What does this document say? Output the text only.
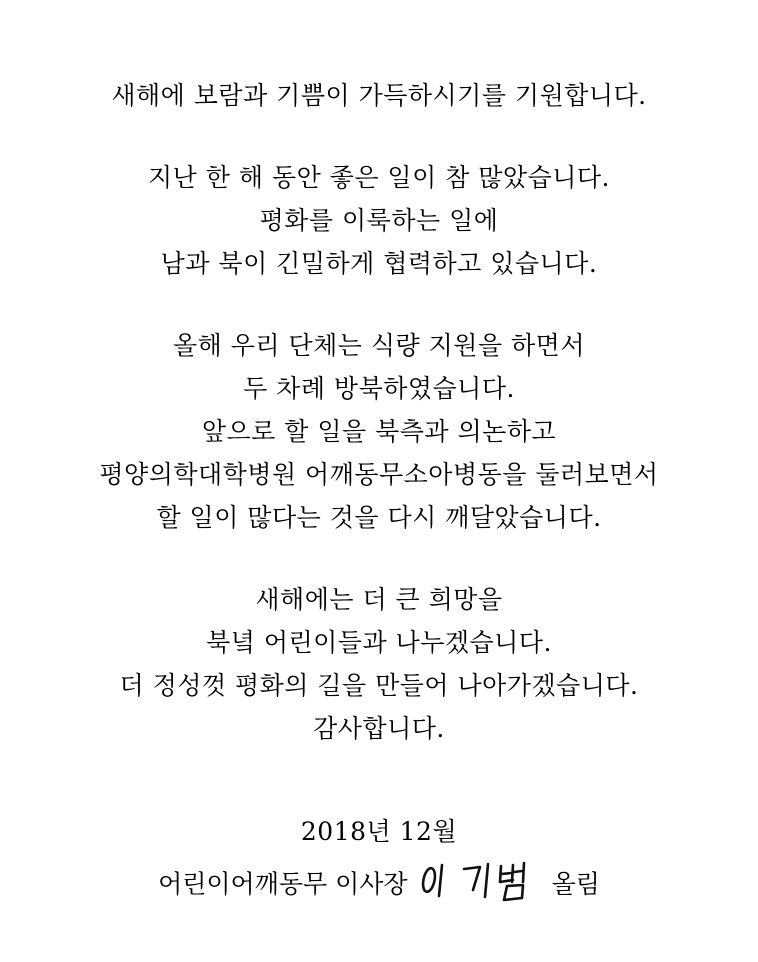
새해에 보람과 기쁨이 가득하시기를 기원합니다.
지난 한 해 동안 좋은 일이 참 많았습니다.
평화를 이룩하는 일에
남과 북이 긴밀하게 협력하고 있습니다.
올해 우리 단체는 식량 지원을 하면서
두 차례 방북하였습니다.
앞으로 할 일을 북측과 의논하고
평양의학대학병원 어깨동무소아병동을 둘러보면서
할 일이 많다는 것을 다시 깨달았습니다.
새해에는 더 큰 희망을
북녘 어린이들과 나누겠습니다.
더 정성껏 평화의 길을 만들어 나아가겠습니다.
감사합니다.
2018년 12월
어린이어깨동무 이사장	올림
